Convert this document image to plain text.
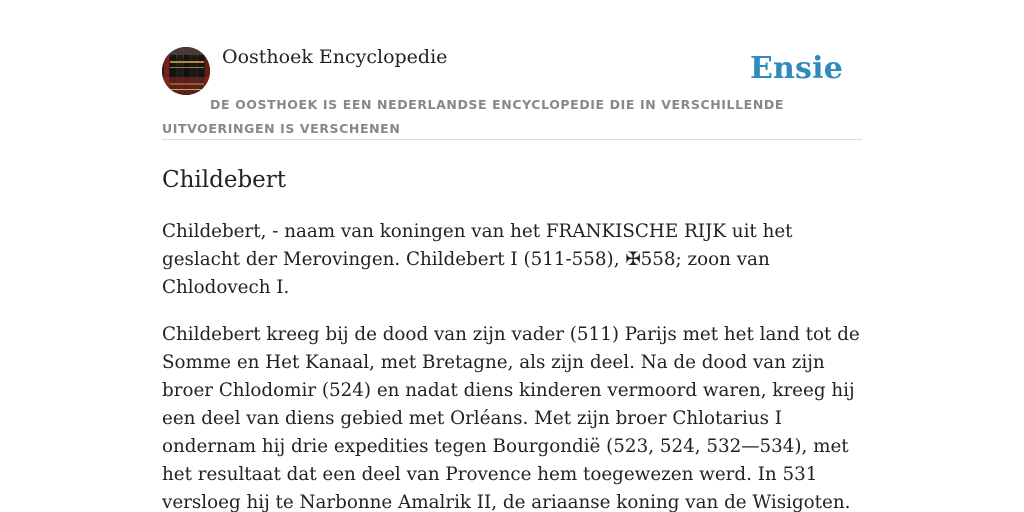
Oosthoek Encyclopedie	Ensie
DE OOSTHOEK IS EEN NEDERLANDSE ENCYCLOPEDIE DIE IN VERSCHILLENDE UITVOERINGEN IS VERSCHENEN
Childebert

Childebert, - naam van koningen van het FRANKISCHE RIJK uit het geslacht der Merovingen. Childebert I (511-558), ✠558; zoon van Chlodovech I.

Childebert kreeg bij de dood van zijn vader (511) Parijs met het land tot de Somme en Het Kanaal, met Bretagne, als zijn deel. Na de dood van zijn broer Chlodomir (524) en nadat diens kinderen vermoord waren, kreeg hij een deel van diens gebied met Orléans. Met zijn broer Chlotarius I ondernam hij drie expedities tegen Bourgondië (523, 524, 532—534), met het resultaat dat een deel van Provence hem toegewezen werd. In 531 versloeg hij te Narbonne Amalrik II, de ariaanse koning van de Wisigoten.
